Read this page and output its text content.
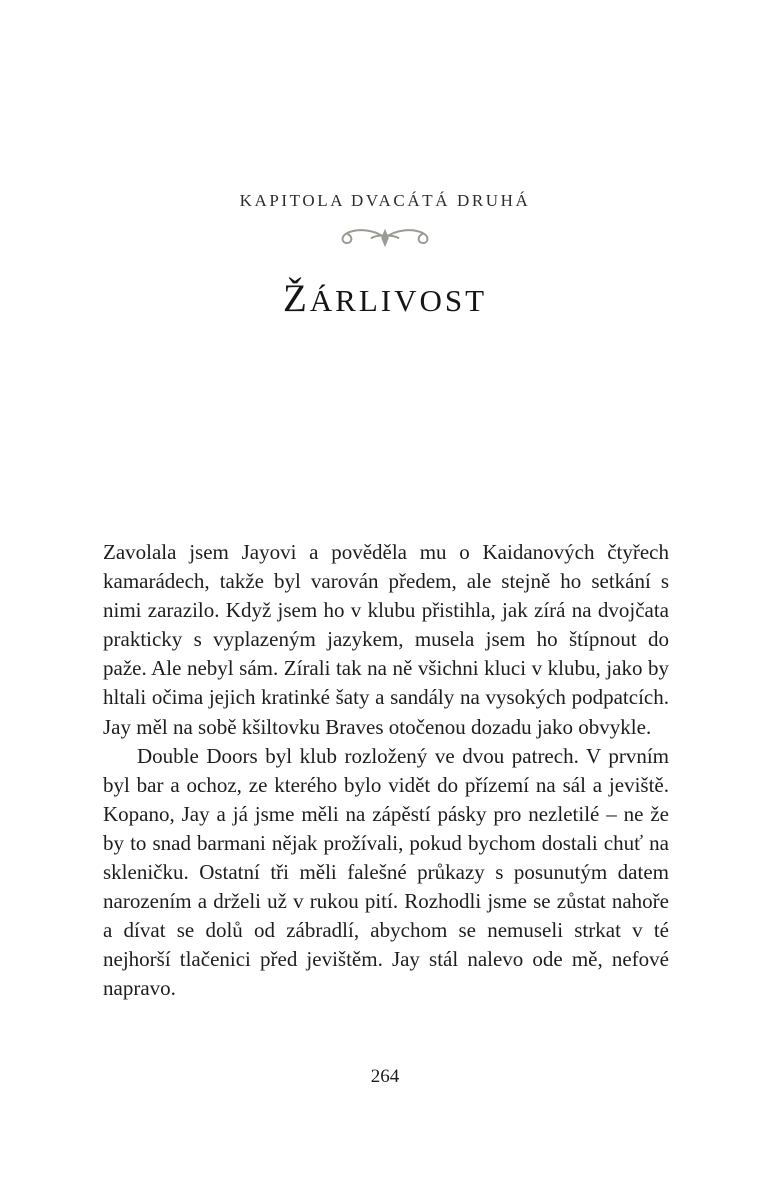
KAPITOLA DVACÁTÁ DRUHÁ
ŽÁRLIVOST

Zavolala jsem Jayovi a pověděla mu o Kaidanových čtyřech kamarádech, takže byl varován předem, ale stejně ho setkání s nimi zarazilo. Když jsem ho v klubu přistihla, jak zírá na dvojčata prakticky s vyplazeným jazykem, musela jsem ho štípnout do paže. Ale nebyl sám. Zírali tak na ně všichni kluci v klubu, jako by hltali očima jejich kratinké šaty a sandály na vysokých podpatcích. Jay měl na sobě kšiltovku Braves otočenou dozadu jako obvykle.

Double Doors byl klub rozložený ve dvou patrech. V prvním byl bar a ochoz, ze kterého bylo vidět do přízemí na sál a jeviště. Kopano, Jay a já jsme měli na zápěstí pásky pro nezletilé – ne že by to snad barmani nějak prožívali, pokud bychom dostali chuť na skleničku. Ostatní tři měli falešné průkazy s posunutým datem narozením a drželi už v rukou pití. Rozhodli jsme se zůstat nahoře a dívat se dolů od zábradlí, abychom se nemuseli strkat v té nejhorší tlačenici před jevištěm. Jay stál nalevo ode mě, nefové napravo.

264
